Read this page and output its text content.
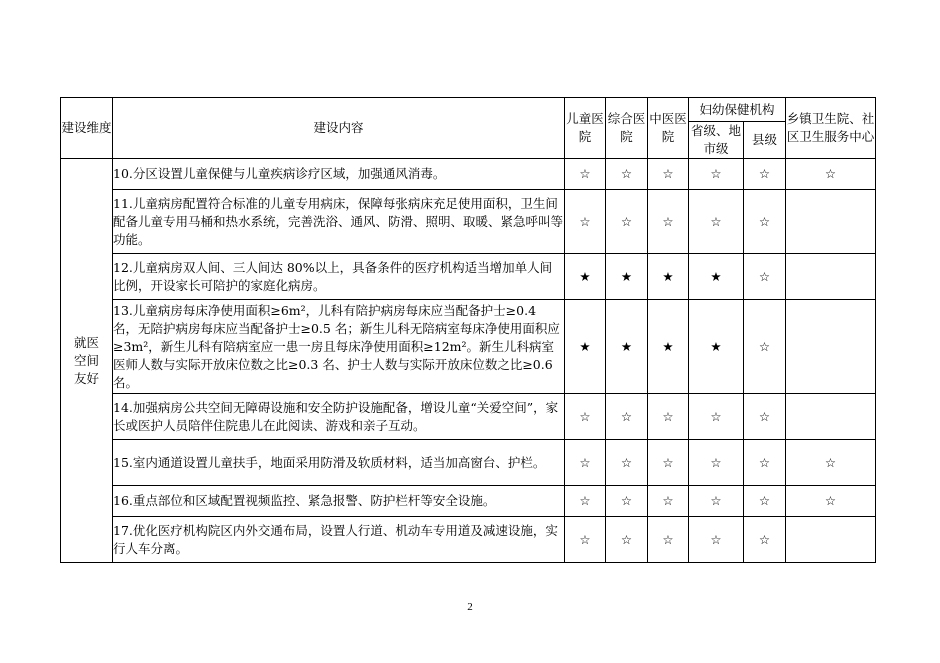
建设维度	建设内容	儿童医院	综合医院	中医医院	妇幼保健机构		乡镇卫生院、社区卫生服务中心
					省级、地市级	县级	
就医空间友好	10.分区设置儿童保健与儿童疾病诊疗区域，加强通风消毒。	☆	☆	☆	☆	☆	☆
	11.儿童病房配置符合标准的儿童专用病床，保障每张病床充足使用面积，卫生间配备儿童专用马桶和热水系统，完善洗浴、通风、防滑、照明、取暖、紧急呼叫等功能。	☆	☆	☆	☆	☆	
	12.儿童病房双人间、三人间达 80%以上，具备条件的医疗机构适当增加单人间比例，开设家长可陪护的家庭化病房。	★	★	★	★	☆	
	13.儿童病房每床净使用面积≥6m²，儿科有陪护病房每床应当配备护士≥0.4 名，无陪护病房每床应当配备护士≥0.5 名；新生儿科无陪病室每床净使用面积应≥3m²，新生儿科有陪病室应一患一房且每床净使用面积≥12m²。新生儿科病室医师人数与实际开放床位数之比≥0.3 名、护士人数与实际开放床位数之比≥0.6 名。	★	★	★	★	☆	
	14.加强病房公共空间无障碍设施和安全防护设施配备，增设儿童“关爱空间”，家长或医护人员陪伴住院患儿在此阅读、游戏和亲子互动。	☆	☆	☆	☆	☆	
	15.室内通道设置儿童扶手，地面采用防滑及软质材料，适当加高窗台、护栏。	☆	☆	☆	☆	☆	☆
	16.重点部位和区域配置视频监控、紧急报警、防护栏杆等安全设施。	☆	☆	☆	☆	☆	☆
	17.优化医疗机构院区内外交通布局，设置人行道、机动车专用道及减速设施，实行人车分离。	☆	☆	☆	☆	☆	
2
